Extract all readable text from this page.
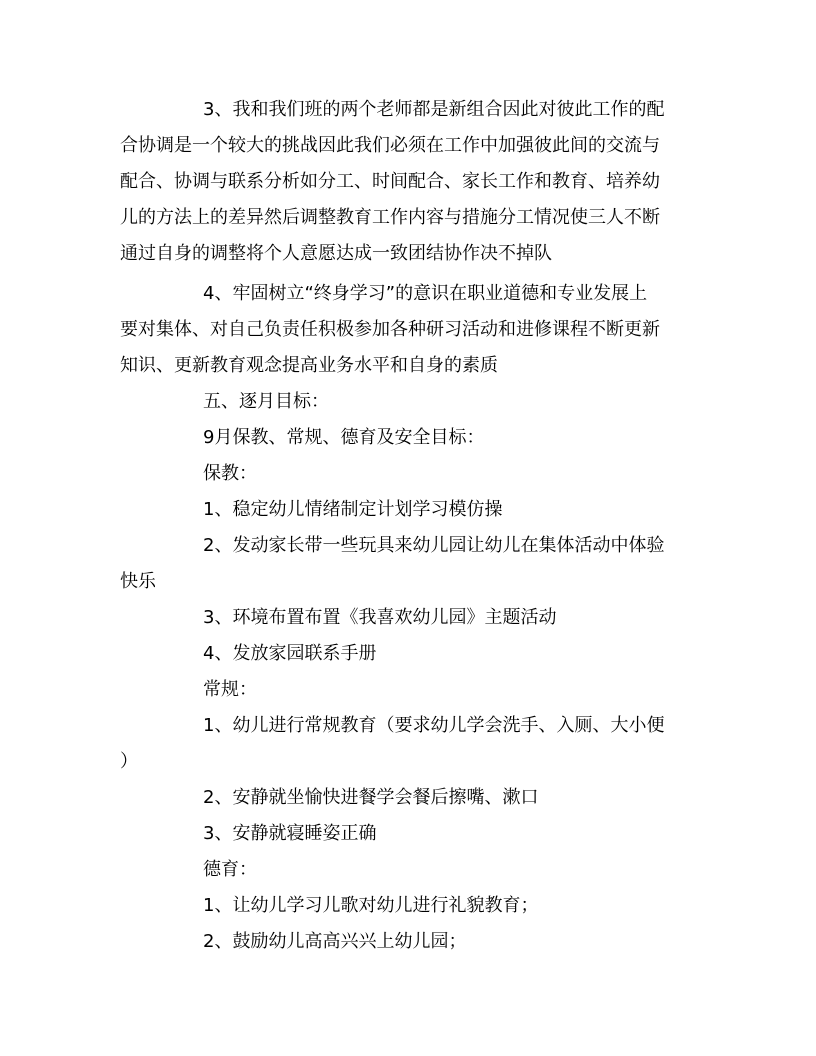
3、我和我们班的两个老师都是新组合因此对彼此工作的配
合协调是一个较大的挑战因此我们必须在工作中加强彼此间的交流与
配合、协调与联系分析如分工、时间配合、家长工作和教育、培养幼
儿的方法上的差异然后调整教育工作内容与措施分工情况使三人不断
通过自身的调整将个人意愿达成一致团结协作决不掉队
4、牢固树立“终身学习”的意识在职业道德和专业发展上
要对集体、对自己负责任积极参加各种研习活动和进修课程不断更新
知识、更新教育观念提高业务水平和自身的素质
五、逐月目标：
9月保教、常规、德育及安全目标：
保教：
1、稳定幼儿情绪制定计划学习模仿操
2、发动家长带一些玩具来幼儿园让幼儿在集体活动中体验
快乐
3、环境布置布置《我喜欢幼儿园》主题活动
4、发放家园联系手册
常规：
1、幼儿进行常规教育（要求幼儿学会洗手、入厕、大小便
）
2、安静就坐愉快进餐学会餐后擦嘴、漱口
3、安静就寝睡姿正确
德育：
1、让幼儿学习儿歌对幼儿进行礼貌教育；
2、鼓励幼儿高高兴兴上幼儿园；
